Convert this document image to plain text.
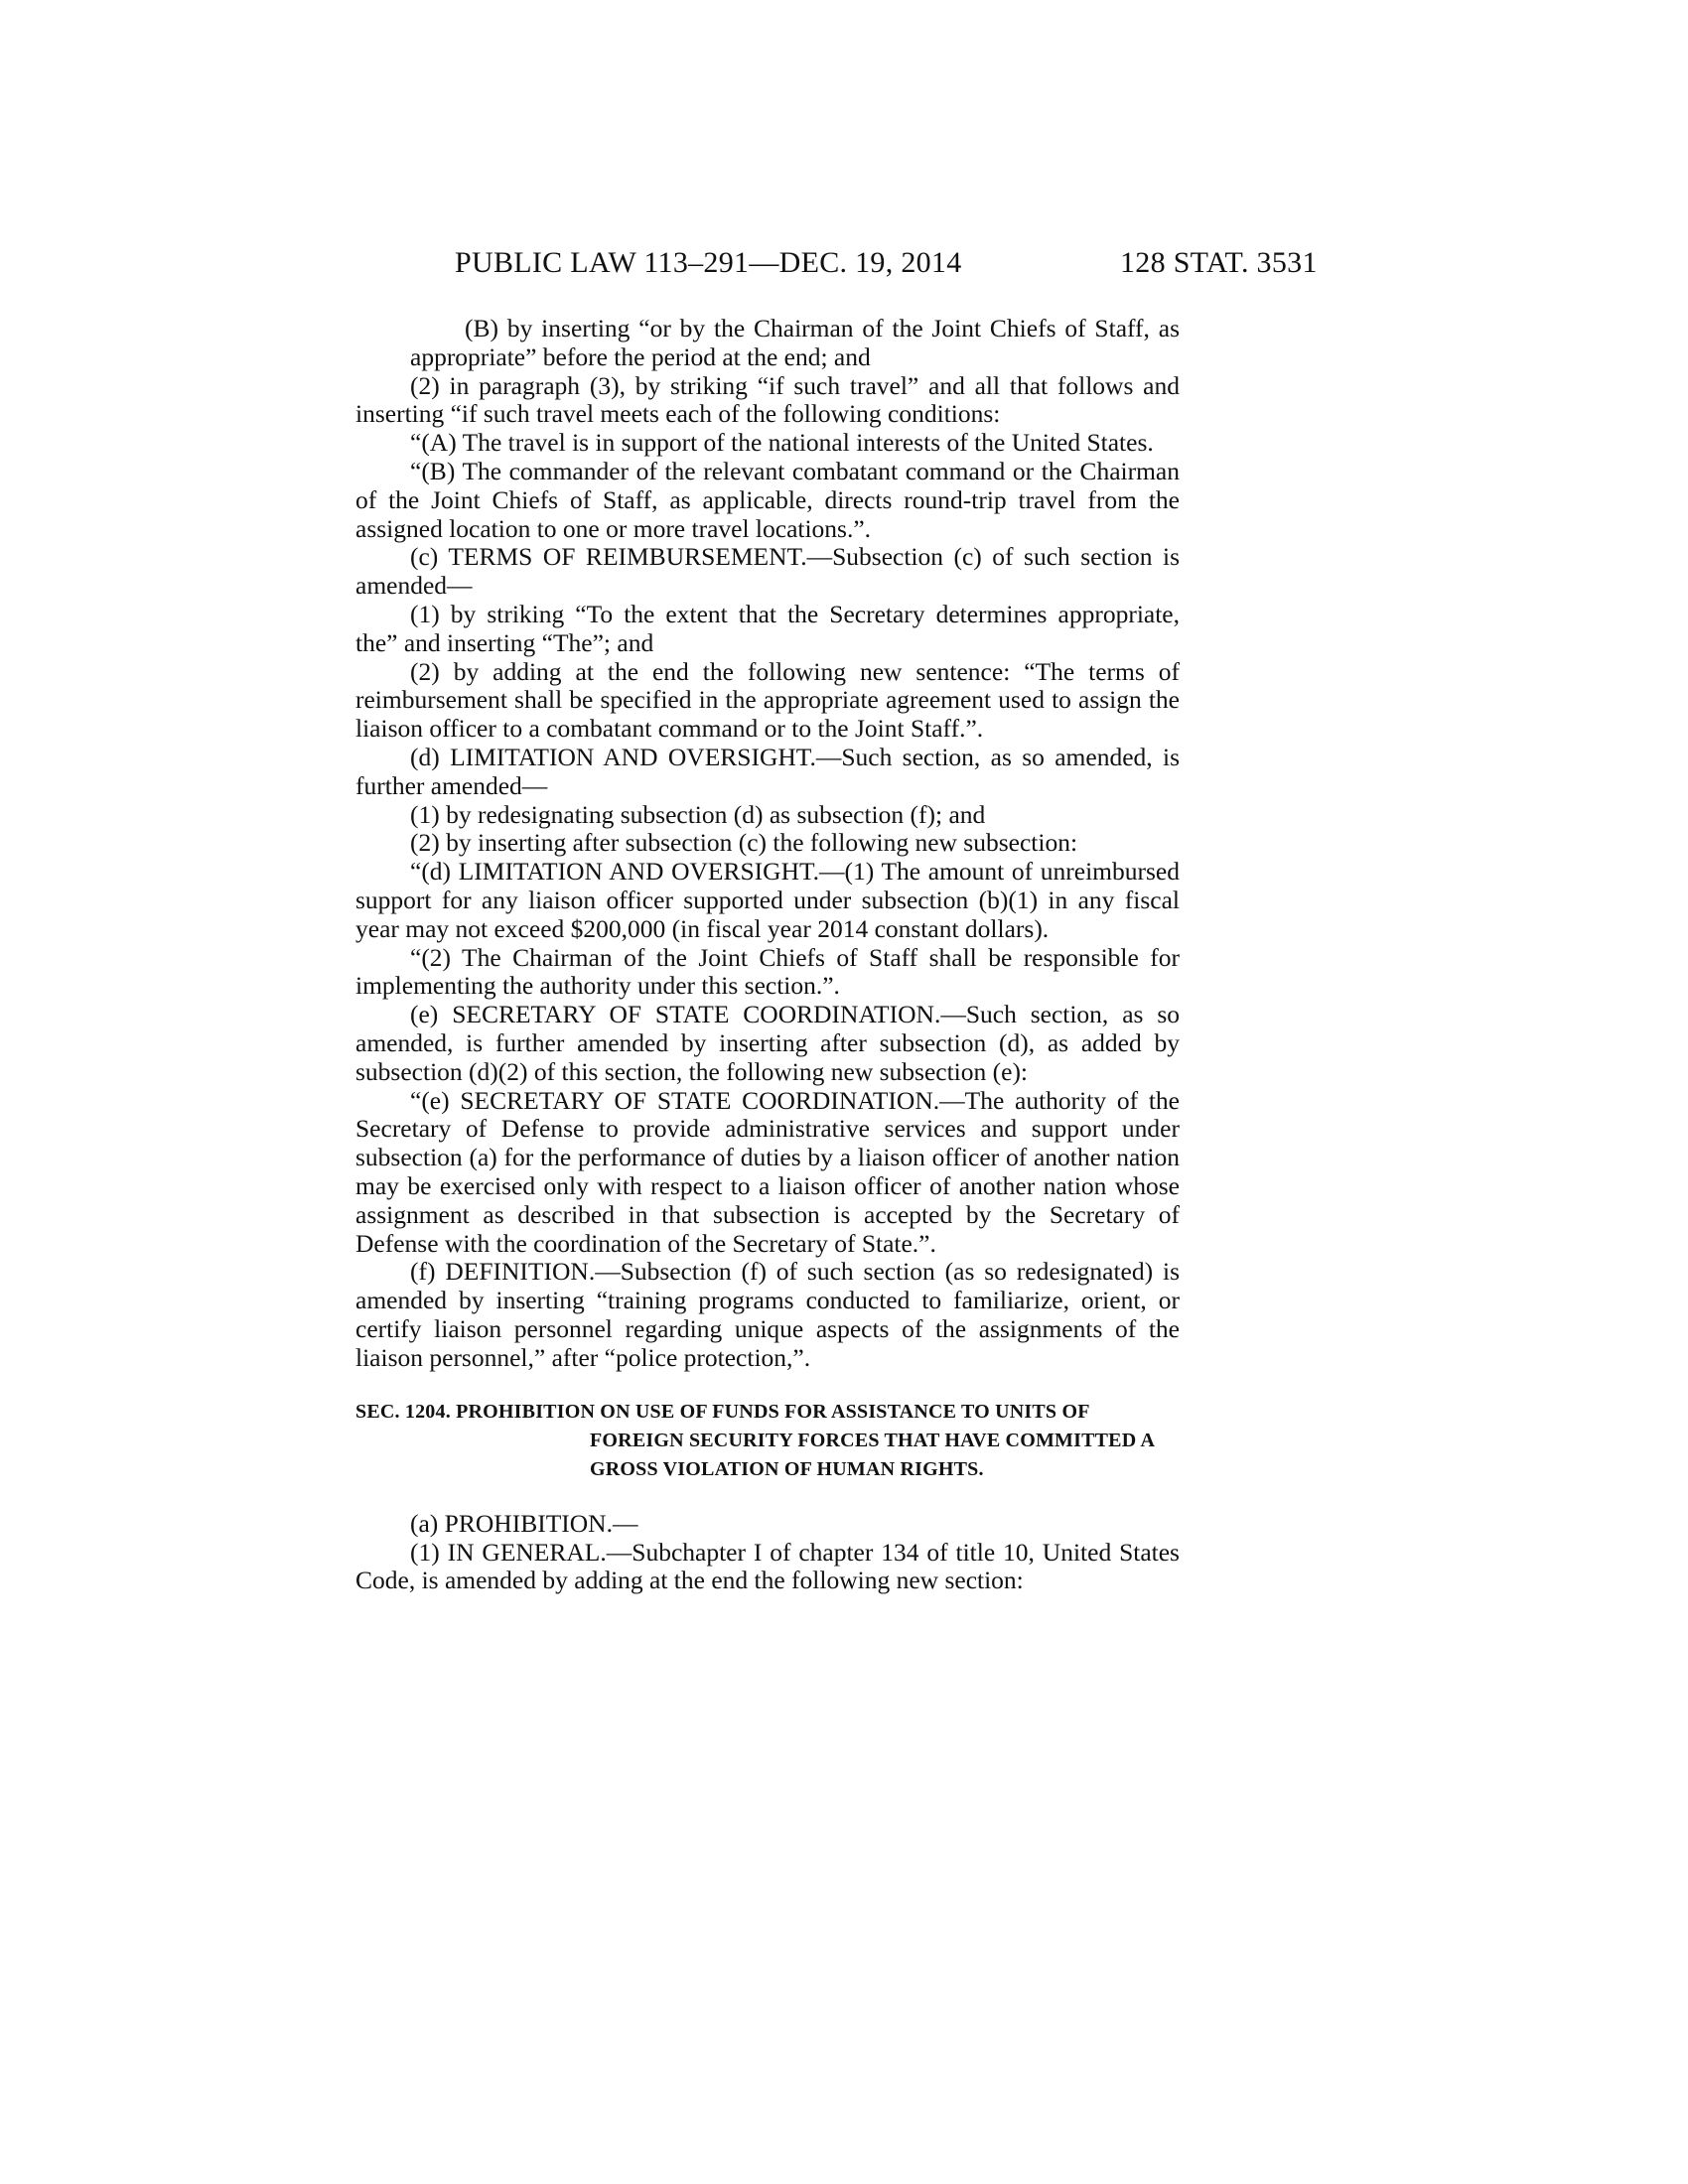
PUBLIC LAW 113–291—DEC. 19, 2014	128 STAT. 3531

(B) by inserting “or by the Chairman of the Joint Chiefs of Staff, as appropriate” before the period at the end; and

(2) in paragraph (3), by striking “if such travel” and all that follows and inserting “if such travel meets each of the following conditions:

“(A) The travel is in support of the national interests of the United States.

“(B) The commander of the relevant combatant command or the Chairman of the Joint Chiefs of Staff, as applicable, directs round-trip travel from the assigned location to one or more travel locations.”.

(c) TERMS OF REIMBURSEMENT.—Subsection (c) of such section is amended—

(1) by striking “To the extent that the Secretary determines appropriate, the” and inserting “The”; and

(2) by adding at the end the following new sentence: “The terms of reimbursement shall be specified in the appropriate agreement used to assign the liaison officer to a combatant command or to the Joint Staff.”.

(d) LIMITATION AND OVERSIGHT.—Such section, as so amended, is further amended—

(1) by redesignating subsection (d) as subsection (f); and

(2) by inserting after subsection (c) the following new subsection:

“(d) LIMITATION AND OVERSIGHT.—(1) The amount of unreimbursed support for any liaison officer supported under subsection (b)(1) in any fiscal year may not exceed $200,000 (in fiscal year 2014 constant dollars).

“(2) The Chairman of the Joint Chiefs of Staff shall be responsible for implementing the authority under this section.”.

(e) SECRETARY OF STATE COORDINATION.—Such section, as so amended, is further amended by inserting after subsection (d), as added by subsection (d)(2) of this section, the following new subsection (e):

“(e) SECRETARY OF STATE COORDINATION.—The authority of the Secretary of Defense to provide administrative services and support under subsection (a) for the performance of duties by a liaison officer of another nation may be exercised only with respect to a liaison officer of another nation whose assignment as described in that subsection is accepted by the Secretary of Defense with the coordination of the Secretary of State.”.

(f) DEFINITION.—Subsection (f) of such section (as so redesignated) is amended by inserting “training programs conducted to familiarize, orient, or certify liaison personnel regarding unique aspects of the assignments of the liaison personnel,” after “police protection,”.

SEC. 1204. PROHIBITION ON USE OF FUNDS FOR ASSISTANCE TO UNITS OF FOREIGN SECURITY FORCES THAT HAVE COMMITTED A GROSS VIOLATION OF HUMAN RIGHTS.

(a) PROHIBITION.—

(1) IN GENERAL.—Subchapter I of chapter 134 of title 10, United States Code, is amended by adding at the end the following new section:
